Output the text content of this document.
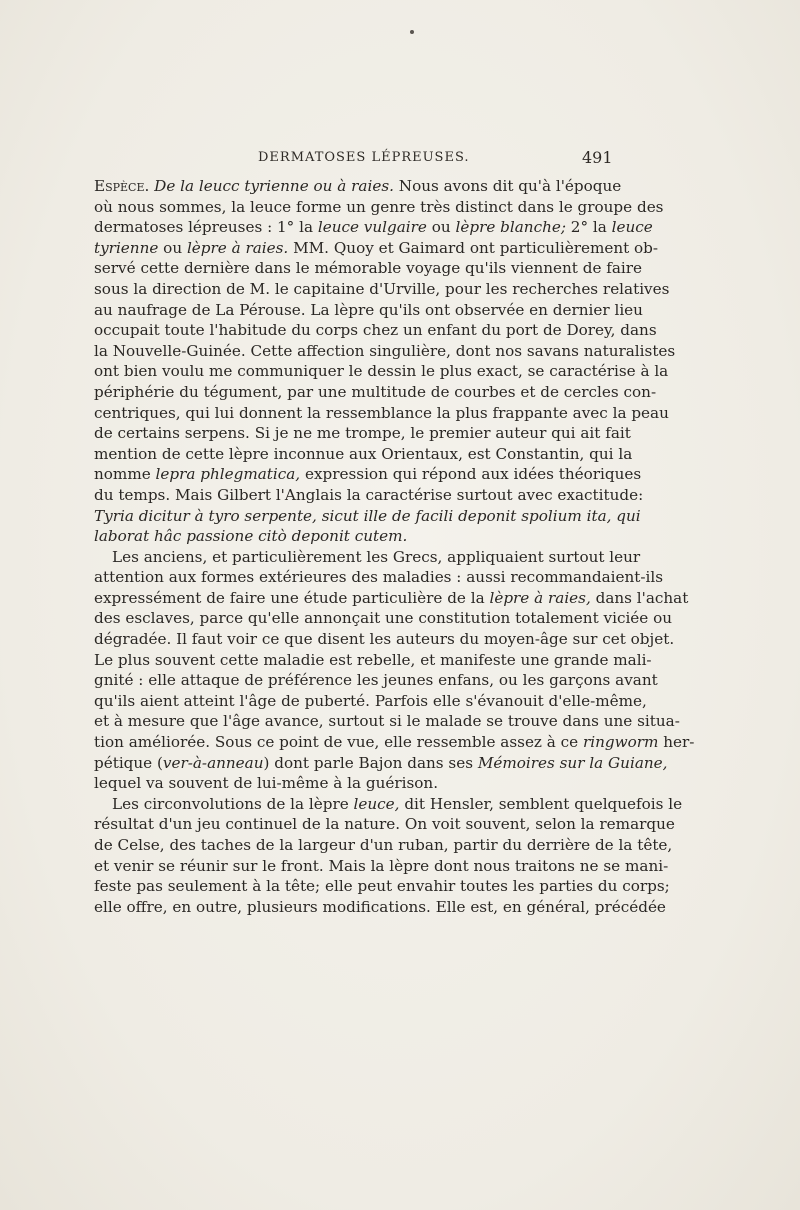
DERMATOSES LÉPREUSES.	491

Espèce. De la leucc tyrienne ou à raies. Nous avons dit qu'à l'époque
où nous sommes, la leuce forme un genre très distinct dans le groupe des
dermatoses lépreuses : 1° la leuce vulgaire ou lèpre blanche; 2° la leuce
tyrienne ou lèpre à raies. MM. Quoy et Gaimard ont particulièrement ob-
servé cette dernière dans le mémorable voyage qu'ils viennent de faire
sous la direction de M. le capitaine d'Urville, pour les recherches relatives
au naufrage de La Pérouse. La lèpre qu'ils ont observée en dernier lieu
occupait toute l'habitude du corps chez un enfant du port de Dorey, dans
la Nouvelle-Guinée. Cette affection singulière, dont nos savans naturalistes
ont bien voulu me communiquer le dessin le plus exact, se caractérise à la
périphérie du tégument, par une multitude de courbes et de cercles con-
centriques, qui lui donnent la ressemblance la plus frappante avec la peau
de certains serpens. Si je ne me trompe, le premier auteur qui ait fait
mention de cette lèpre inconnue aux Orientaux, est Constantin, qui la
nomme lepra phlegmatica, expression qui répond aux idées théoriques
du temps. Mais Gilbert l'Anglais la caractérise surtout avec exactitude:
Tyria dicitur à tyro serpente, sicut ille de facili deponit spolium ita, qui
laborat hâc passione citò deponit cutem.

Les anciens, et particulièrement les Grecs, appliquaient surtout leur
attention aux formes extérieures des maladies : aussi recommandaient-ils
expressément de faire une étude particulière de la lèpre à raies, dans l'achat
des esclaves, parce qu'elle annonçait une constitution totalement viciée ou
dégradée. Il faut voir ce que disent les auteurs du moyen-âge sur cet objet.
Le plus souvent cette maladie est rebelle, et manifeste une grande mali-
gnité : elle attaque de préférence les jeunes enfans, ou les garçons avant
qu'ils aient atteint l'âge de puberté. Parfois elle s'évanouit d'elle-même,
et à mesure que l'âge avance, surtout si le malade se trouve dans une situa-
tion améliorée. Sous ce point de vue, elle ressemble assez à ce ringworm her-
pétique (ver-à-anneau) dont parle Bajon dans ses Mémoires sur la Guiane,
lequel va souvent de lui-même à la guérison.

Les circonvolutions de la lèpre leuce, dit Hensler, semblent quelquefois le
résultat d'un jeu continuel de la nature. On voit souvent, selon la remarque
de Celse, des taches de la largeur d'un ruban, partir du derrière de la tête,
et venir se réunir sur le front. Mais la lèpre dont nous traitons ne se mani-
feste pas seulement à la tête; elle peut envahir toutes les parties du corps;
elle offre, en outre, plusieurs modifications. Elle est, en général, précédée
